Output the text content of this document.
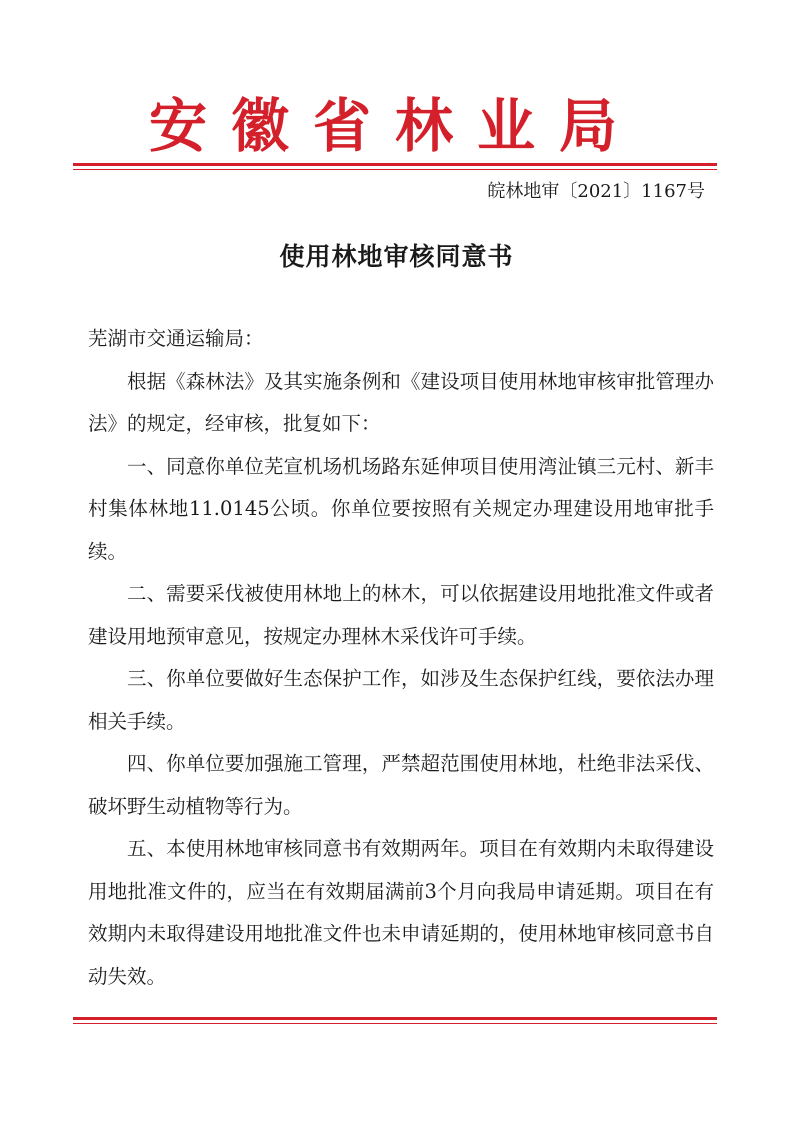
安徽省林业局
皖林地审〔2021〕1167号
使用林地审核同意书

芜湖市交通运输局：

根据《森林法》及其实施条例和《建设项目使用林地审核审批管理办法》的规定，经审核，批复如下：

一、同意你单位芜宣机场机场路东延伸项目使用湾沚镇三元村、新丰村集体林地11.0145公顷。你单位要按照有关规定办理建设用地审批手续。

二、需要采伐被使用林地上的林木，可以依据建设用地批准文件或者建设用地预审意见，按规定办理林木采伐许可手续。

三、你单位要做好生态保护工作，如涉及生态保护红线，要依法办理相关手续。

四、你单位要加强施工管理，严禁超范围使用林地，杜绝非法采伐、破坏野生动植物等行为。

五、本使用林地审核同意书有效期两年。项目在有效期内未取得建设用地批准文件的，应当在有效期届满前3个月向我局申请延期。项目在有效期内未取得建设用地批准文件也未申请延期的，使用林地审核同意书自动失效。
